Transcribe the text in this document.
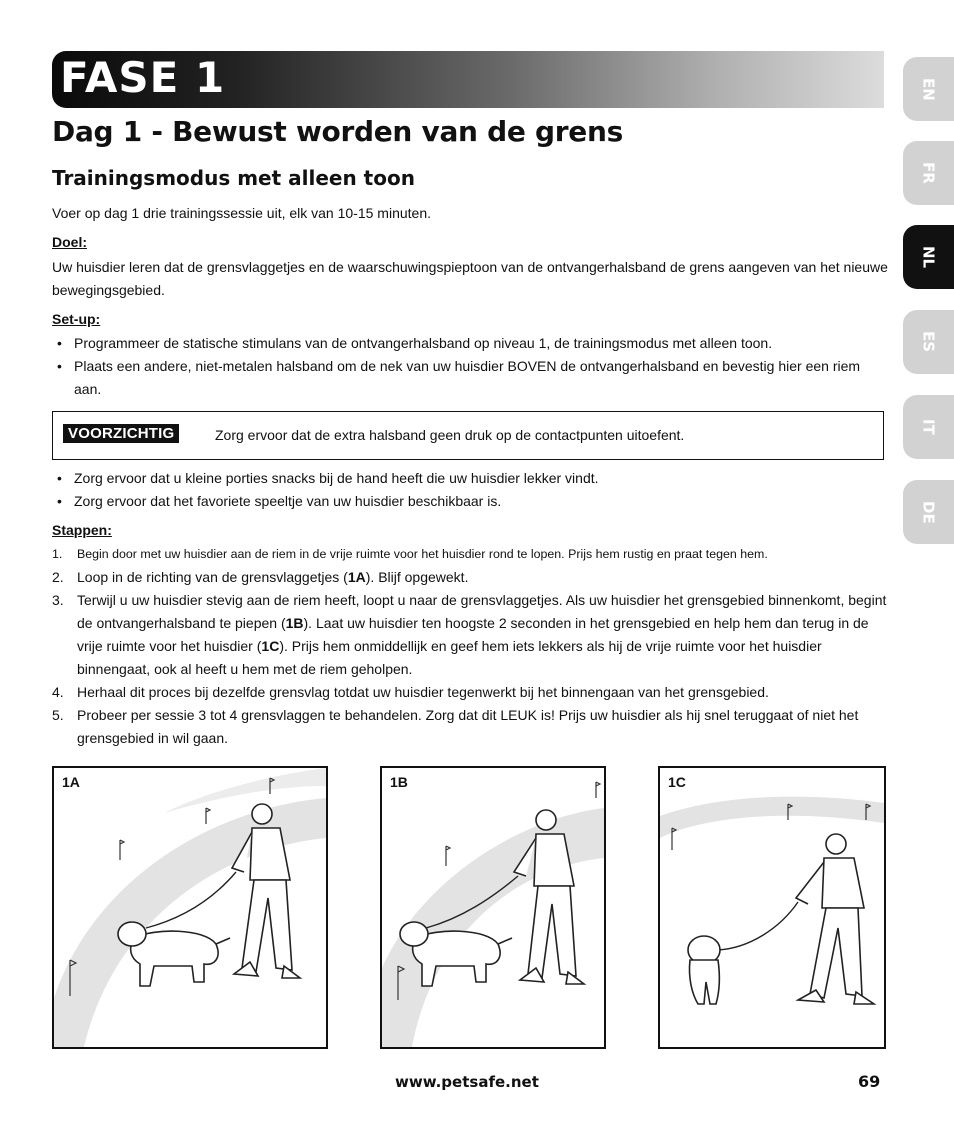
FASE 1	EN
FR
NL
ES
IT
DE
Dag 1 - Bewust worden van de grens
Trainingsmodus met alleen toon
Voer op dag 1 drie trainingssessie uit, elk van 10-15 minuten.
Doel:
Uw huisdier leren dat de grensvlaggetjes en de waarschuwingspieptoon van de ontvangerhalsband de grens aangeven van het nieuwe bewegingsgebied.
Set-up:
• Programmeer de statische stimulans van de ontvangerhalsband op niveau 1, de trainingsmodus met alleen toon.
• Plaats een andere, niet-metalen halsband om de nek van uw huisdier BOVEN de ontvangerhalsband en bevestig hier een riem aan.
VOORZICHTIG	Zorg ervoor dat de extra halsband geen druk op de contactpunten uitoefent.
• Zorg ervoor dat u kleine porties snacks bij de hand heeft die uw huisdier lekker vindt.
• Zorg ervoor dat het favoriete speeltje van uw huisdier beschikbaar is.
Stappen:
1. Begin door met uw huisdier aan de riem in de vrije ruimte voor het huisdier rond te lopen. Prijs hem rustig en praat tegen hem.
2. Loop in de richting van de grensvlaggetjes (1A). Blijf opgewekt.
3. Terwijl u uw huisdier stevig aan de riem heeft, loopt u naar de grensvlaggetjes. Als uw huisdier het grensgebied binnenkomt, begint de ontvangerhalsband te piepen (1B). Laat uw huisdier ten hoogste 2 seconden in het grensgebied en help hem dan terug in de vrije ruimte voor het huisdier (1C). Prijs hem onmiddellijk en geef hem iets lekkers als hij de vrije ruimte voor het huisdier binnengaat, ook al heeft u hem met de riem geholpen.
4. Herhaal dit proces bij dezelfde grensvlag totdat uw huisdier tegenwerkt bij het binnengaan van het grensgebied.
5. Probeer per sessie 3 tot 4 grensvlaggen te behandelen. Zorg dat dit LEUK is! Prijs uw huisdier als hij snel teruggaat of niet het grensgebied in wil gaan.
1A	1B	1C
www.petsafe.net	69
